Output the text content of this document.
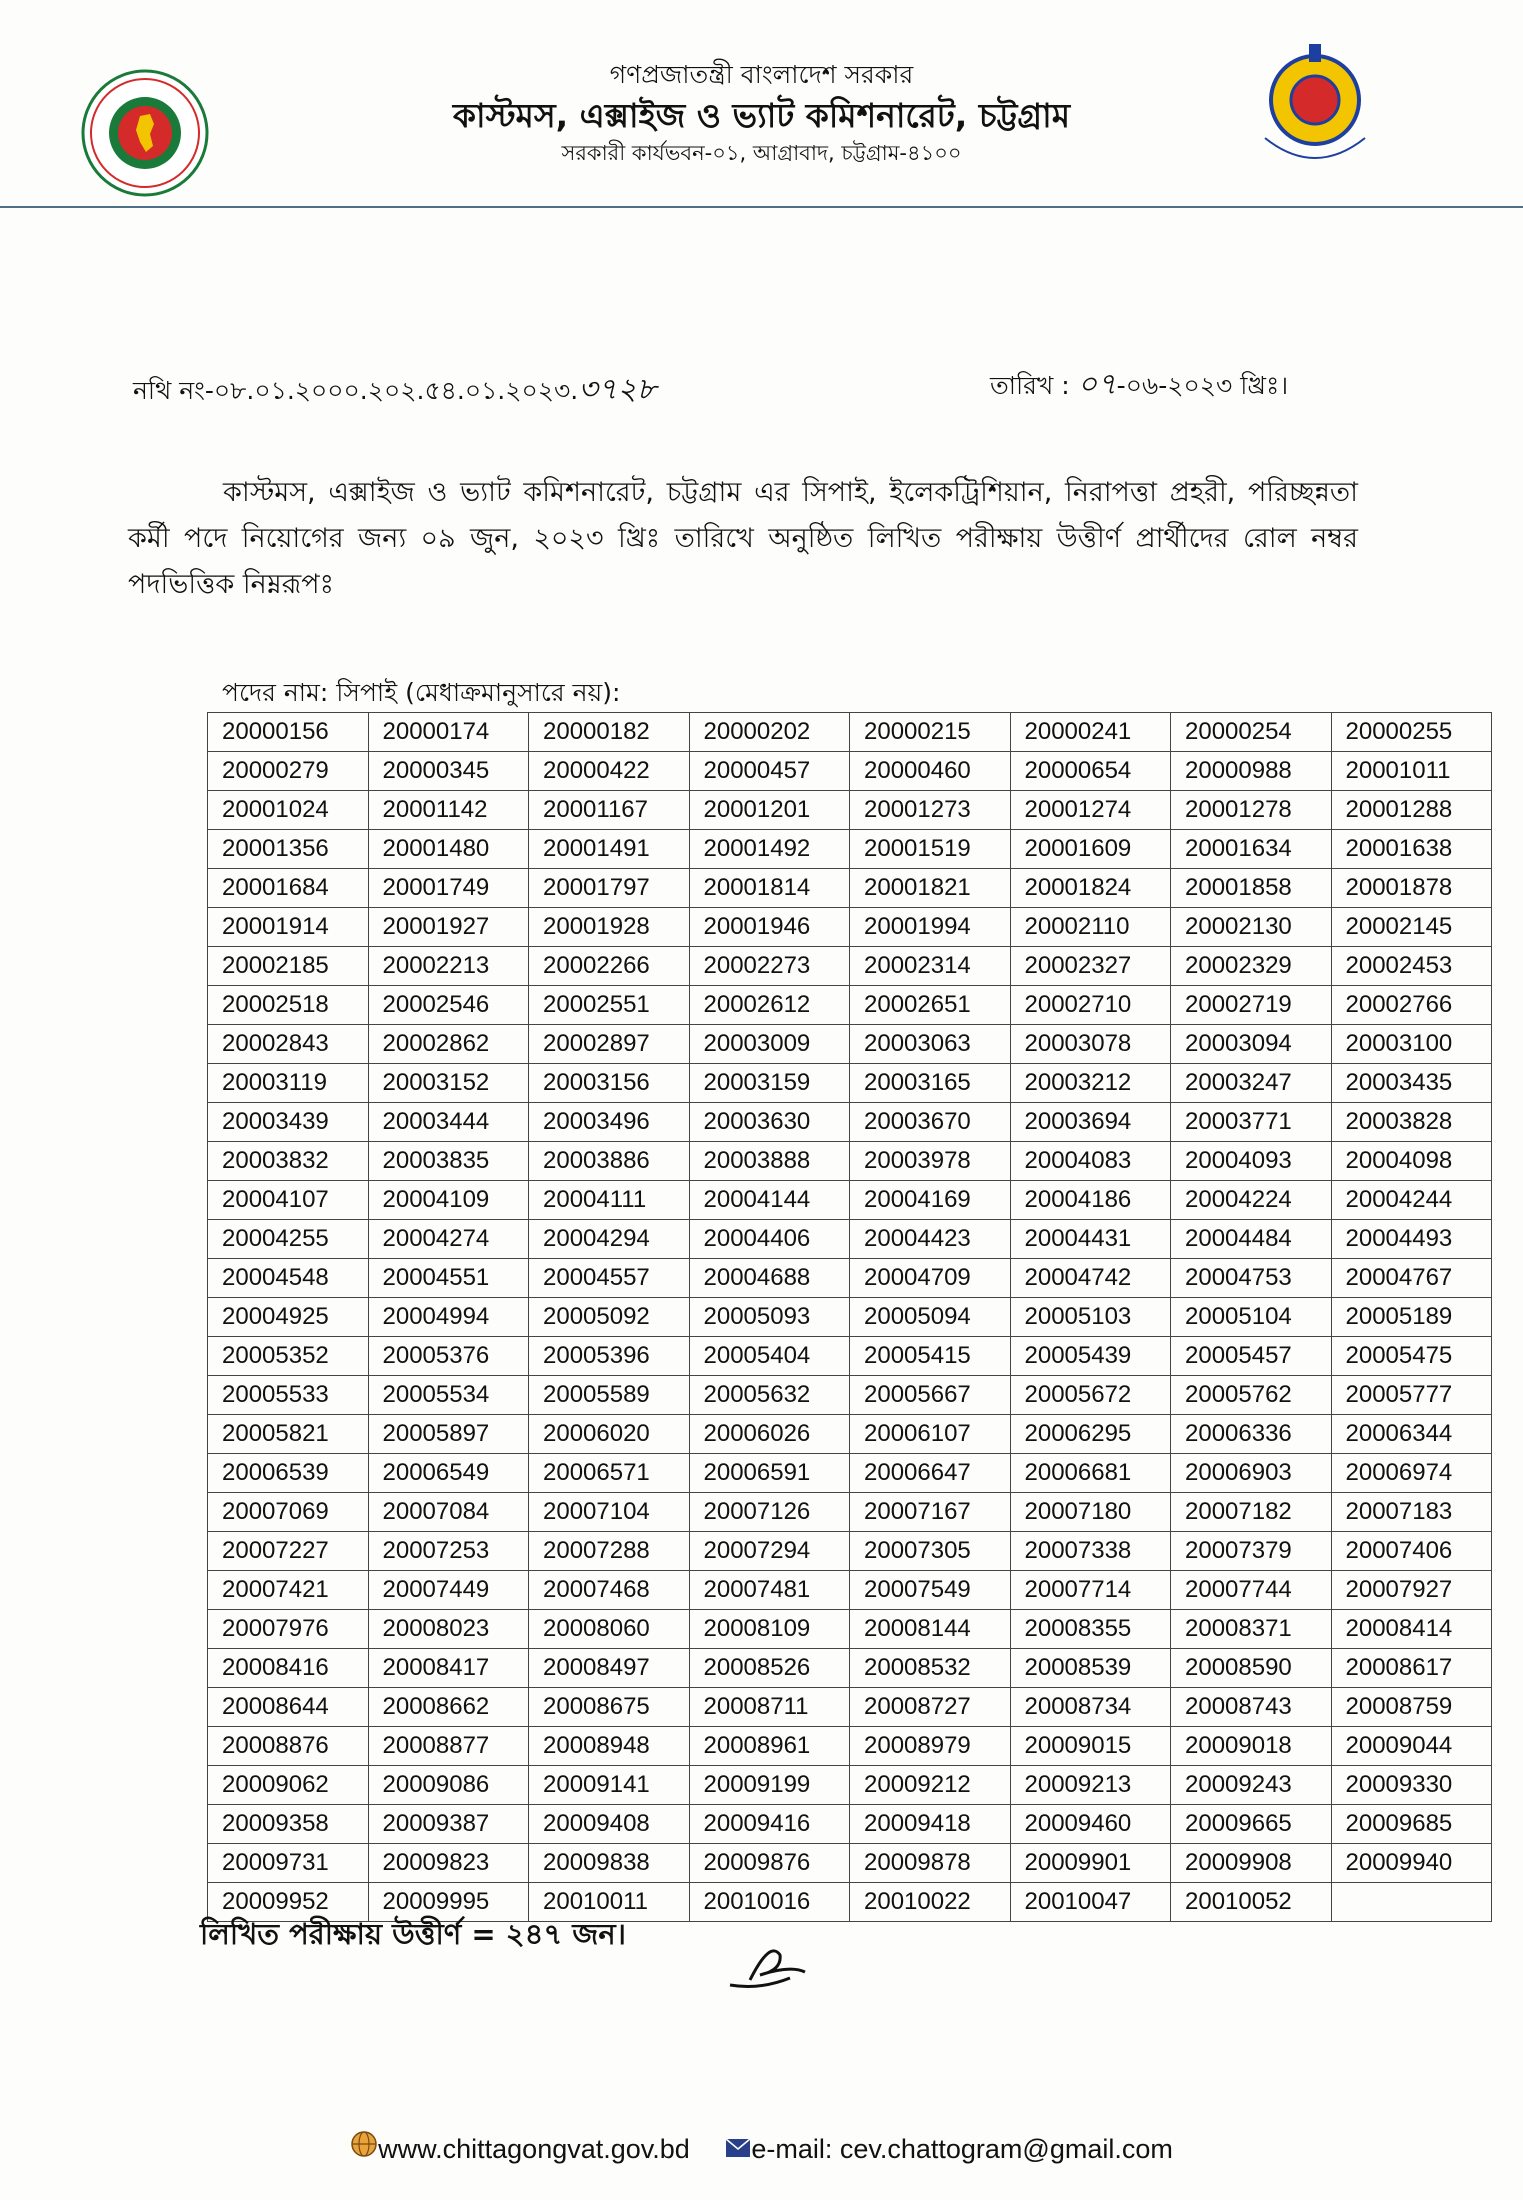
গণপ্রজাতন্ত্রী বাংলাদেশ সরকার
কাস্টমস, এক্সাইজ ও ভ্যাট কমিশনারেট, চট্টগ্রাম
সরকারী কার্যভবন-০১, আগ্রাবাদ, চট্টগ্রাম-৪১০০
নথি নং-০৮.০১.২০০০.২০২.৫৪.০১.২০২৩.৩৭২৮	তারিখ : ০৭-০৬-২০২৩ খ্রিঃ।
কাস্টমস, এক্সাইজ ও ভ্যাট কমিশনারেট, চট্টগ্রাম এর সিপাই, ইলেকট্রিশিয়ান, নিরাপত্তা প্রহরী, পরিচ্ছন্নতা কর্মী পদে নিয়োগের জন্য ০৯ জুন, ২০২৩ খ্রিঃ তারিখে অনুষ্ঠিত লিখিত পরীক্ষায় উত্তীর্ণ প্রার্থীদের রোল নম্বর পদভিত্তিক নিম্নরূপঃ
পদের নাম: সিপাই (মেধাক্রমানুসারে নয়):
20000156	20000174	20000182	20000202	20000215	20000241	20000254	20000255
20000279	20000345	20000422	20000457	20000460	20000654	20000988	20001011
20001024	20001142	20001167	20001201	20001273	20001274	20001278	20001288
20001356	20001480	20001491	20001492	20001519	20001609	20001634	20001638
20001684	20001749	20001797	20001814	20001821	20001824	20001858	20001878
20001914	20001927	20001928	20001946	20001994	20002110	20002130	20002145
20002185	20002213	20002266	20002273	20002314	20002327	20002329	20002453
20002518	20002546	20002551	20002612	20002651	20002710	20002719	20002766
20002843	20002862	20002897	20003009	20003063	20003078	20003094	20003100
20003119	20003152	20003156	20003159	20003165	20003212	20003247	20003435
20003439	20003444	20003496	20003630	20003670	20003694	20003771	20003828
20003832	20003835	20003886	20003888	20003978	20004083	20004093	20004098
20004107	20004109	20004111	20004144	20004169	20004186	20004224	20004244
20004255	20004274	20004294	20004406	20004423	20004431	20004484	20004493
20004548	20004551	20004557	20004688	20004709	20004742	20004753	20004767
20004925	20004994	20005092	20005093	20005094	20005103	20005104	20005189
20005352	20005376	20005396	20005404	20005415	20005439	20005457	20005475
20005533	20005534	20005589	20005632	20005667	20005672	20005762	20005777
20005821	20005897	20006020	20006026	20006107	20006295	20006336	20006344
20006539	20006549	20006571	20006591	20006647	20006681	20006903	20006974
20007069	20007084	20007104	20007126	20007167	20007180	20007182	20007183
20007227	20007253	20007288	20007294	20007305	20007338	20007379	20007406
20007421	20007449	20007468	20007481	20007549	20007714	20007744	20007927
20007976	20008023	20008060	20008109	20008144	20008355	20008371	20008414
20008416	20008417	20008497	20008526	20008532	20008539	20008590	20008617
20008644	20008662	20008675	20008711	20008727	20008734	20008743	20008759
20008876	20008877	20008948	20008961	20008979	20009015	20009018	20009044
20009062	20009086	20009141	20009199	20009212	20009213	20009243	20009330
20009358	20009387	20009408	20009416	20009418	20009460	20009665	20009685
20009731	20009823	20009838	20009876	20009878	20009901	20009908	20009940
20009952	20009995	20010011	20010016	20010022	20010047	20010052	
লিখিত পরীক্ষায় উত্তীর্ণ = ২৪৭ জন।
www.chittagongvat.gov.bd e-mail: cev.chattogram@gmail.com
